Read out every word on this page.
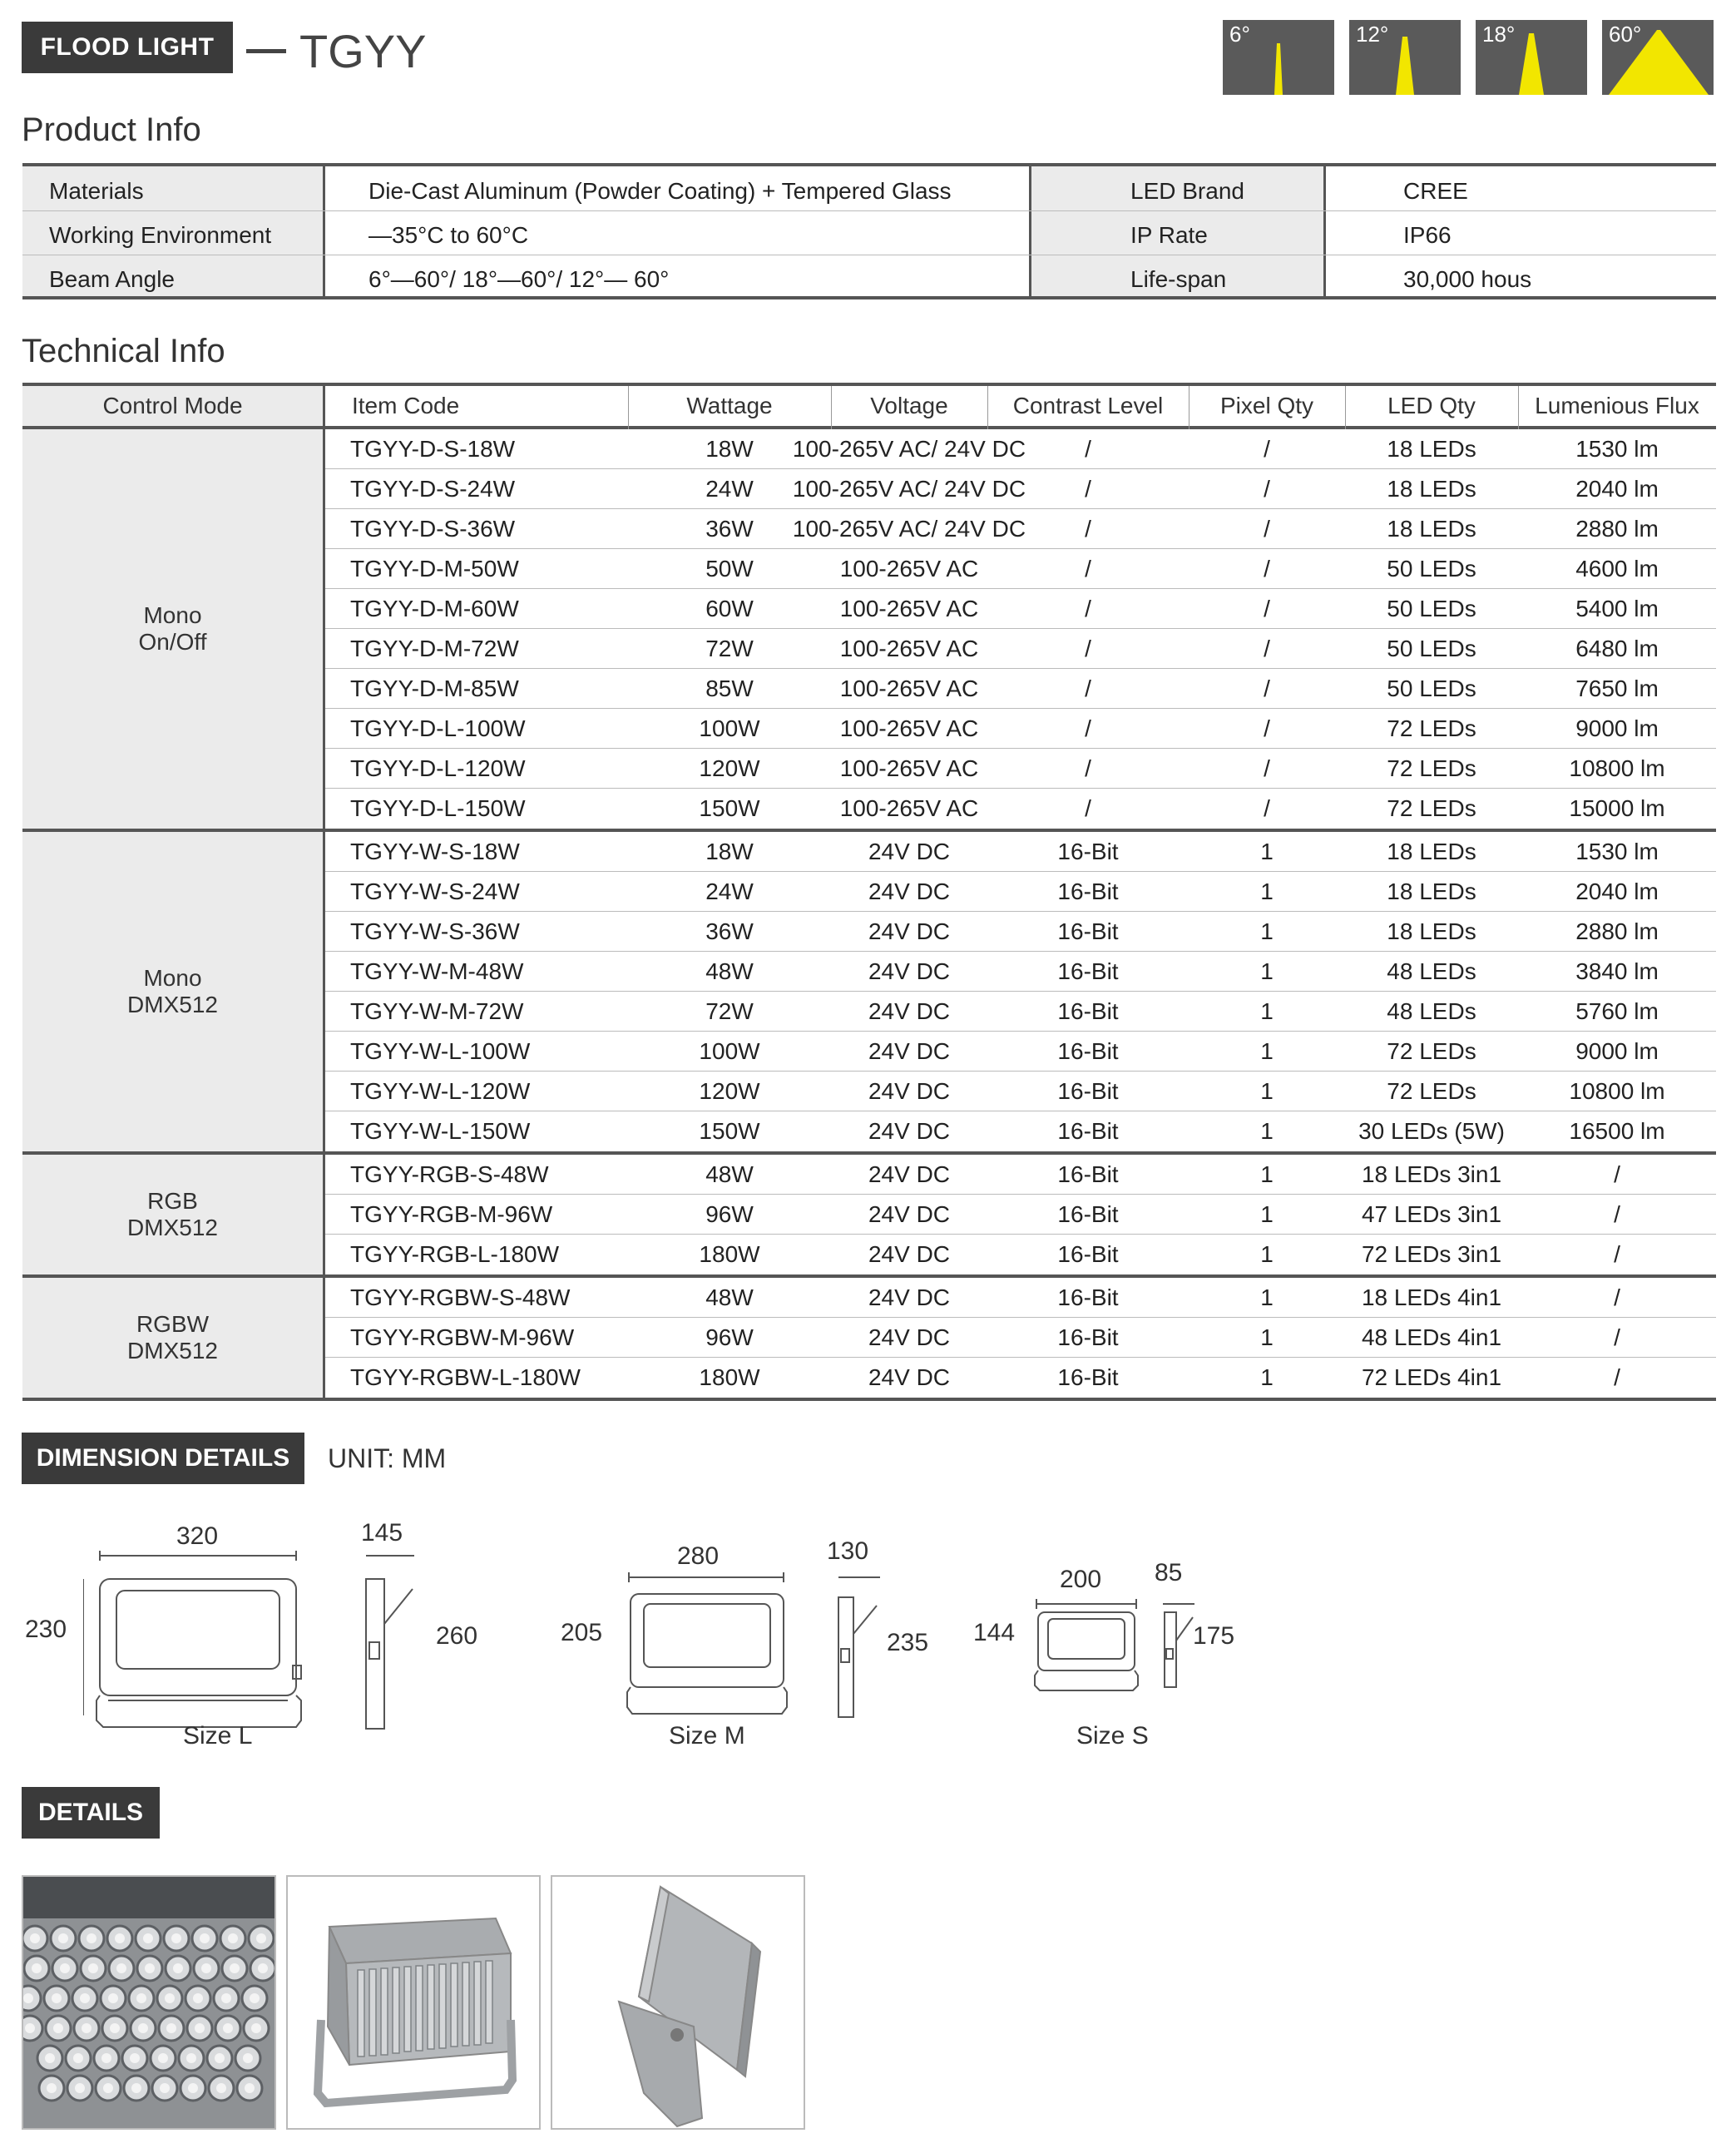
FLOOD LIGHT	TGYY	6°	12°	18°	60°
Product Info
Materials	Die-Cast Aluminum (Powder Coating) + Tempered Glass	LED Brand	CREE
Working Environment	—35°C to 60°C	IP Rate	IP66
Beam Angle	6°—60°/ 18°—60°/ 12°— 60°	Life-span	30,000 hous
Technical Info
Control Mode	Item Code	Wattage	Voltage	Contrast Level	Pixel Qty	LED Qty	Lumenious Flux
Mono
On/Off
TGYY-D-S-18W	18W	100-265V AC/ 24V DC	/	/	18 LEDs	1530 lm
TGYY-D-S-24W	24W	100-265V AC/ 24V DC	/	/	18 LEDs	2040 lm
TGYY-D-S-36W	36W	100-265V AC/ 24V DC	/	/	18 LEDs	2880 lm
TGYY-D-M-50W	50W	100-265V AC	/	/	50 LEDs	4600 lm
TGYY-D-M-60W	60W	100-265V AC	/	/	50 LEDs	5400 lm
TGYY-D-M-72W	72W	100-265V AC	/	/	50 LEDs	6480 lm
TGYY-D-M-85W	85W	100-265V AC	/	/	50 LEDs	7650 lm
TGYY-D-L-100W	100W	100-265V AC	/	/	72 LEDs	9000 lm
TGYY-D-L-120W	120W	100-265V AC	/	/	72 LEDs	10800 lm
TGYY-D-L-150W	150W	100-265V AC	/	/	72 LEDs	15000 lm
Mono
DMX512
TGYY-W-S-18W	18W	24V DC	16-Bit	1	18 LEDs	1530 lm
TGYY-W-S-24W	24W	24V DC	16-Bit	1	18 LEDs	2040 lm
TGYY-W-S-36W	36W	24V DC	16-Bit	1	18 LEDs	2880 lm
TGYY-W-M-48W	48W	24V DC	16-Bit	1	48 LEDs	3840 lm
TGYY-W-M-72W	72W	24V DC	16-Bit	1	48 LEDs	5760 lm
TGYY-W-L-100W	100W	24V DC	16-Bit	1	72 LEDs	9000 lm
TGYY-W-L-120W	120W	24V DC	16-Bit	1	72 LEDs	10800 lm
TGYY-W-L-150W	150W	24V DC	16-Bit	1	30 LEDs (5W)	16500 lm
RGB
DMX512
TGYY-RGB-S-48W	48W	24V DC	16-Bit	1	18 LEDs 3in1	/
TGYY-RGB-M-96W	96W	24V DC	16-Bit	1	47 LEDs 3in1	/
TGYY-RGB-L-180W	180W	24V DC	16-Bit	1	72 LEDs 3in1	/
RGBW
DMX512
TGYY-RGBW-S-48W	48W	24V DC	16-Bit	1	18 LEDs 4in1	/
TGYY-RGBW-M-96W	96W	24V DC	16-Bit	1	48 LEDs 4in1	/
TGYY-RGBW-L-180W	180W	24V DC	16-Bit	1	72 LEDs 4in1	/
DIMENSION DETAILS	UNIT: MM
320
230
145
260
Size L
280
205
130
235
Size M
200
144
85
175
Size S
DETAILS
